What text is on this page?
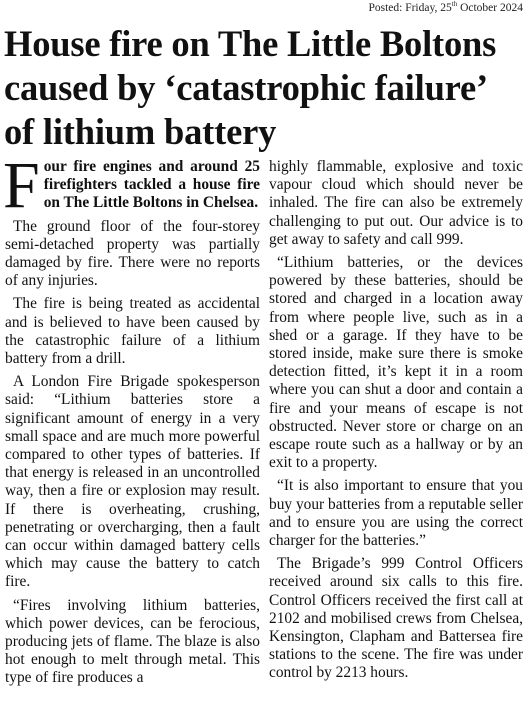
Posted: Friday, 25th October 2024
House fire on The Little Boltons caused by ‘catastrophic failure’ of lithium battery

Four fire engines and around 25 firefighters tackled a house fire on The Little Boltons in Chelsea.

The ground floor of the four-storey semi-detached property was partially damaged by fire. There were no reports of any injuries.

The fire is being treated as accidental and is believed to have been caused by the catastrophic failure of a lithium battery from a drill.

A London Fire Brigade spokesperson said: “Lithium batteries store a significant amount of energy in a very small space and are much more powerful compared to other types of batteries. If that energy is released in an uncontrolled way, then a fire or explosion may result. If there is overheating, crushing, penetrating or overcharging, then a fault can occur within damaged battery cells which may cause the battery to catch fire.

“Fires involving lithium batteries, which power devices, can be ferocious, producing jets of flame. The blaze is also hot enough to melt through metal. This type of fire produces a

highly flammable, explosive and toxic vapour cloud which should never be inhaled. The fire can also be extremely challenging to put out. Our advice is to get away to safety and call 999.

“Lithium batteries, or the devices powered by these batteries, should be stored and charged in a location away from where people live, such as in a shed or a garage. If they have to be stored inside, make sure there is smoke detection fitted, it’s kept it in a room where you can shut a door and contain a fire and your means of escape is not obstructed. Never store or charge on an escape route such as a hallway or by an exit to a property.

“It is also important to ensure that you buy your batteries from a reputable seller and to ensure you are using the correct charger for the batteries.”

The Brigade’s 999 Control Officers received around six calls to this fire. Control Officers received the first call at 2102 and mobilised crews from Chelsea, Kensington, Clapham and Battersea fire stations to the scene. The fire was under control by 2213 hours.
